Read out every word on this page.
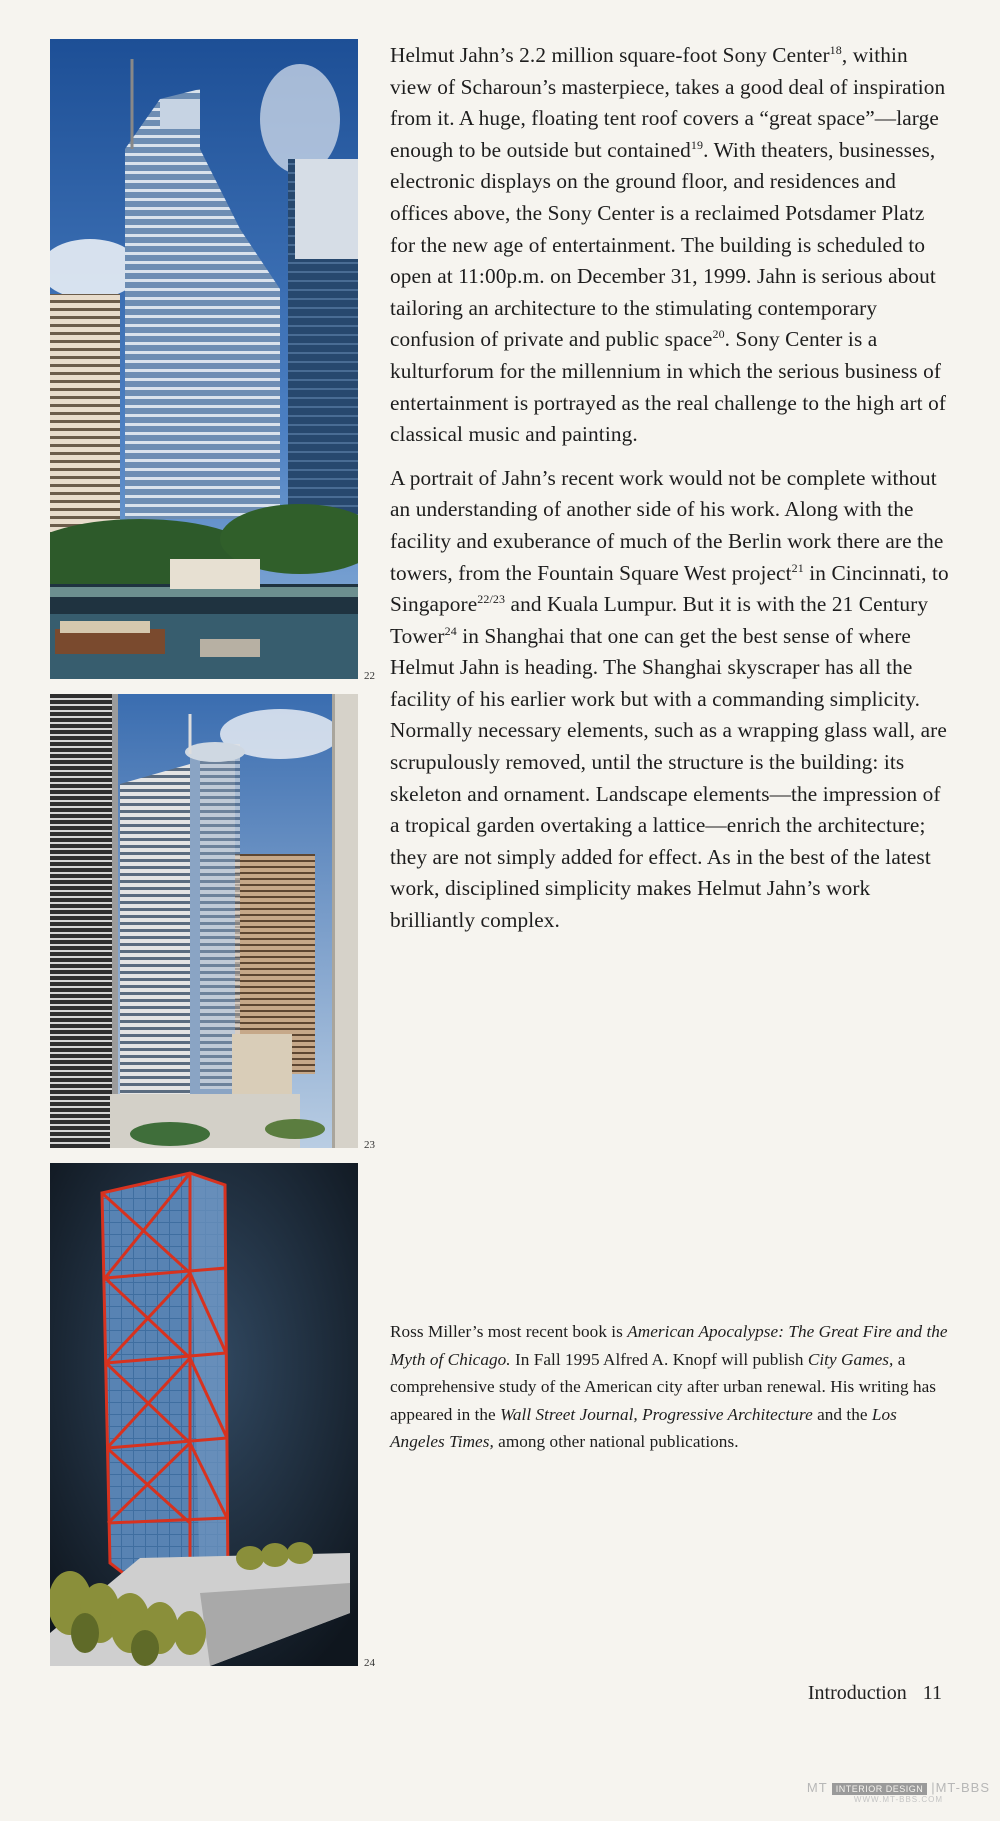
22
23
24

Helmut Jahn’s 2.2 million square-foot Sony Center$^{18}$, within view of Scharoun’s masterpiece, takes a good deal of inspiration from it. A huge, floating tent roof covers a “great space”—large enough to be outside but contained$^{19}$. With theaters, businesses, electronic displays on the ground floor, and residences and offices above, the Sony Center is a reclaimed Potsdamer Platz for the new age of entertainment. The building is scheduled to open at 11:00p.m. on December 31, 1999. Jahn is serious about tailoring an architecture to the stimulating contemporary confusion of private and public space$^{20}$. Sony Center is a kulturforum for the millennium in which the serious business of entertainment is portrayed as the real challenge to the high art of classical music and painting.

A portrait of Jahn’s recent work would not be complete without an understanding of another side of his work. Along with the facility and exuberance of much of the Berlin work there are the towers, from the Fountain Square West project$^{21}$ in Cincinnati, to Singapore$^{22/23}$ and Kuala Lumpur. But it is with the 21 Century Tower$^{24}$ in Shanghai that one can get the best sense of where Helmut Jahn is heading. The Shanghai skyscraper has all the facility of his earlier work but with a commanding simplicity. Normally necessary elements, such as a wrapping glass wall, are scrupulously removed, until the structure is the building: its skeleton and ornament. Landscape elements—the impression of a tropical garden overtaking a lattice—enrich the architecture; they are not simply added for effect. As in the best of the latest work, disciplined simplicity makes Helmut Jahn’s work brilliantly complex.

Ross Miller’s most recent book is American Apocalypse: The Great Fire and the Myth of Chicago. In Fall 1995 Alfred A. Knopf will publish City Games, a comprehensive study of the American city after urban renewal. His writing has appeared in the Wall Street Journal, Progressive Architecture and the Los Angeles Times, among other national publications.
Introduction 11
MT INTERIOR DESIGN |MT-BBS
WWW.MT-BBS.COM
